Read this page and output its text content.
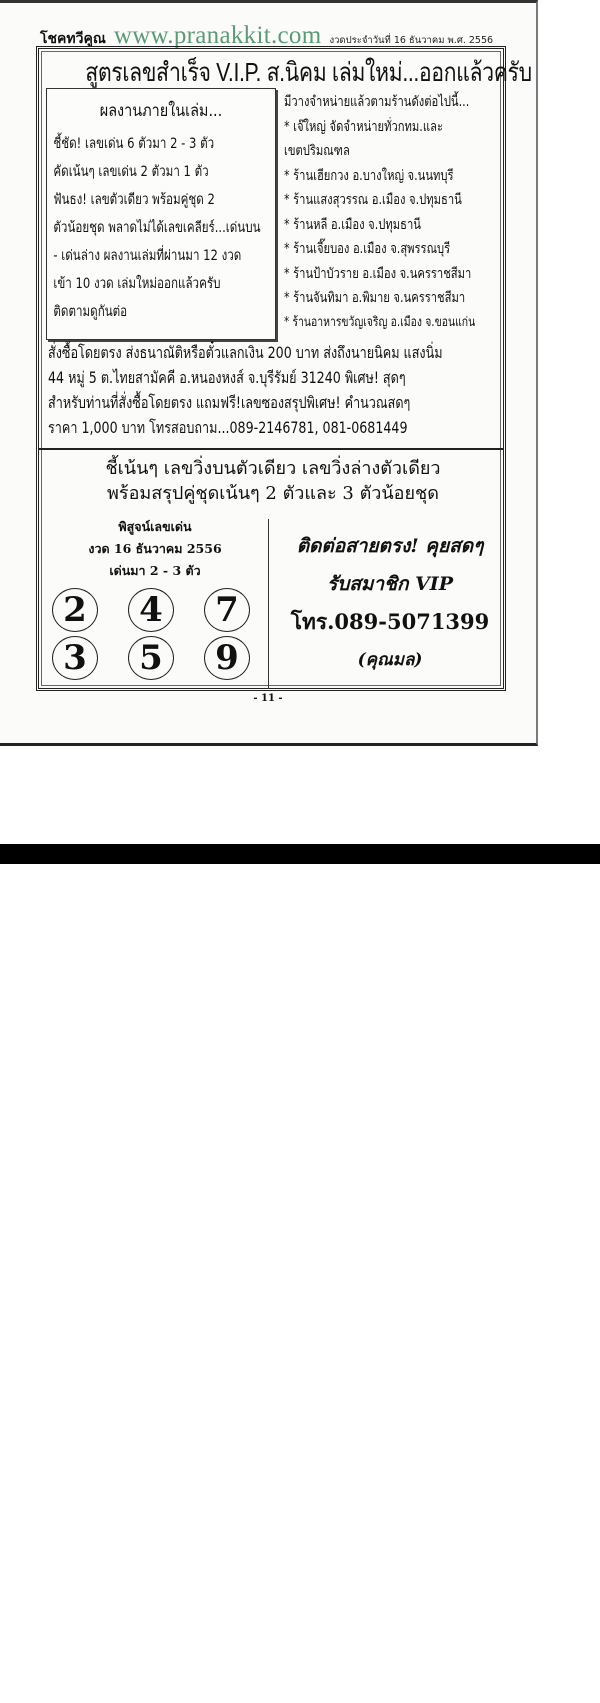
โชคทวีคูณ www.pranakkit.com งวดประจำวันที่ 16 ธันวาคม พ.ศ. 2556
สูตรเลขสำเร็จ V.I.P. ส.นิคม เล่มใหม่...ออกแล้วครับ
ผลงานภายในเล่ม...
ชี้ชัด! เลขเด่น 6 ตัวมา 2 - 3 ตัว
คัดเน้นๆ เลขเด่น 2 ตัวมา 1 ตัว
ฟันธง! เลขตัวเดียว พร้อมคู่ชุด 2
ตัวน้อยชุด พลาดไม่ได้เลขเคลียร์...เด่นบน
- เด่นล่าง ผลงานเล่มที่ผ่านมา 12 งวด
เข้า 10 งวด เล่มใหม่ออกแล้วครับ
ติดตามดูกันต่อ
มีวางจำหน่ายแล้วตามร้านดังต่อไปนี้...
* เจ๊ใหญ่ จัดจำหน่ายทั่วกทม.และ
เขตปริมณฑล
* ร้านเฮียกวง อ.บางใหญ่ จ.นนทบุรี
* ร้านแสงสุวรรณ อ.เมือง จ.ปทุมธานี
* ร้านหลี อ.เมือง จ.ปทุมธานี
* ร้านเจี๊ยบอง อ.เมือง จ.สุพรรณบุรี
* ร้านป้าบัวราย อ.เมือง จ.นครราชสีมา
* ร้านจันทิมา อ.พิมาย จ.นครราชสีมา
* ร้านอาหารขวัญเจริญ อ.เมือง จ.ขอนแก่น
สั่งซื้อโดยตรง ส่งธนาณัติหรือตั๋วแลกเงิน 200 บาท ส่งถึงนายนิคม แสงนิ่ม
44 หมู่ 5 ต.ไทยสามัคคี อ.หนองหงส์ จ.บุรีรัมย์ 31240 พิเศษ! สุดๆ
สำหรับท่านที่สั่งซื้อโดยตรง แถมฟรี!เลขซองสรุปพิเศษ! คำนวณสดๆ
ราคา 1,000 บาท โทรสอบถาม...089-2146781, 081-0681449
ชี้เน้นๆ เลขวิ่งบนตัวเดียว เลขวิ่งล่างตัวเดียว
พร้อมสรุปคู่ชุดเน้นๆ 2 ตัวและ 3 ตัวน้อยชุด
พิสูจน์เลขเด่น
งวด 16 ธันวาคม 2556
เด่นมา 2 - 3 ตัว
2	4	7
3	5	9
ติดต่อสายตรง! คุยสดๆ
รับสมาชิก VIP
โทร.089-5071399
(คุณมล)
- 11 -
[724x1024] http://upic.me/
